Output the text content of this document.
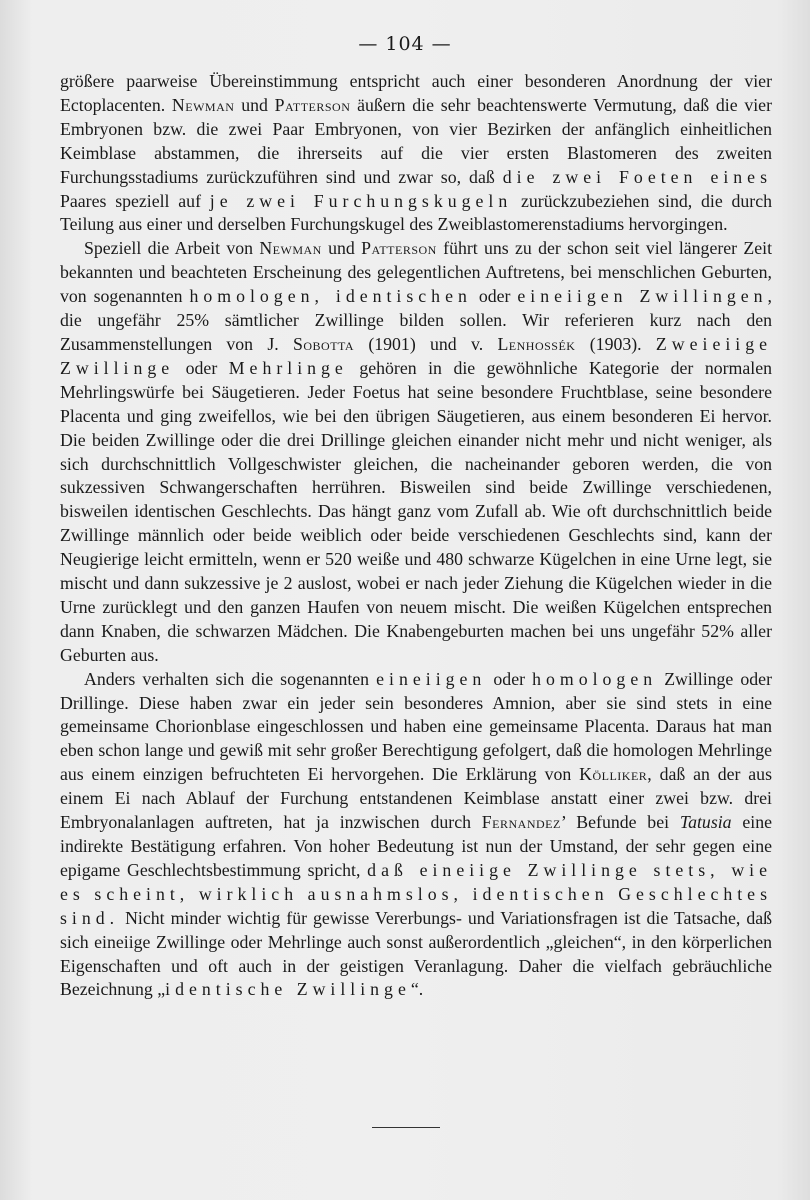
— 104 —

größere paarweise Übereinstimmung entspricht auch einer besonderen Anordnung der vier Ectoplacenten. Newman und Patterson äußern die sehr beachtenswerte Vermutung, daß die vier Embryonen bzw. die zwei Paar Embryonen, von vier Bezirken der anfänglich einheitlichen Keimblase abstammen, die ihrerseits auf die vier ersten Blastomeren des zweiten Furchungsstadiums zurückzuführen sind und zwar so, daß die zwei Foeten eines Paares speziell auf je zwei Furchungskugeln zurückzubeziehen sind, die durch Teilung aus einer und derselben Furchungskugel des Zweiblastomerenstadiums hervorgingen.

Speziell die Arbeit von Newman und Patterson führt uns zu der schon seit viel längerer Zeit bekannten und beachteten Erscheinung des gelegentlichen Auftretens, bei menschlichen Geburten, von sogenannten homologen, identischen oder eineiigen Zwillingen, die ungefähr 25% sämtlicher Zwillinge bilden sollen. Wir referieren kurz nach den Zusammenstellungen von J. Sobotta (1901) und v. Lenhossék (1903). Zweieiige Zwillinge oder Mehrlinge gehören in die gewöhnliche Kategorie der normalen Mehrlingswürfe bei Säugetieren. Jeder Foetus hat seine besondere Fruchtblase, seine besondere Placenta und ging zweifellos, wie bei den übrigen Säugetieren, aus einem besonderen Ei hervor. Die beiden Zwillinge oder die drei Drillinge gleichen einander nicht mehr und nicht weniger, als sich durchschnittlich Vollgeschwister gleichen, die nacheinander geboren werden, die von sukzessiven Schwangerschaften herrühren. Bisweilen sind beide Zwillinge verschiedenen, bisweilen identischen Geschlechts. Das hängt ganz vom Zufall ab. Wie oft durchschnittlich beide Zwillinge männlich oder beide weiblich oder beide verschiedenen Geschlechts sind, kann der Neugierige leicht ermitteln, wenn er 520 weiße und 480 schwarze Kügelchen in eine Urne legt, sie mischt und dann sukzessive je 2 auslost, wobei er nach jeder Ziehung die Kügelchen wieder in die Urne zurücklegt und den ganzen Haufen von neuem mischt. Die weißen Kügelchen entsprechen dann Knaben, die schwarzen Mädchen. Die Knabengeburten machen bei uns ungefähr 52% aller Geburten aus.

Anders verhalten sich die sogenannten eineiigen oder homologen Zwillinge oder Drillinge. Diese haben zwar ein jeder sein besonderes Amnion, aber sie sind stets in eine gemeinsame Chorionblase eingeschlossen und haben eine gemeinsame Placenta. Daraus hat man eben schon lange und gewiß mit sehr großer Berechtigung gefolgert, daß die homologen Mehrlinge aus einem einzigen befruchteten Ei hervorgehen. Die Erklärung von Kölliker, daß an der aus einem Ei nach Ablauf der Furchung entstandenen Keimblase anstatt einer zwei bzw. drei Embryonalanlagen auftreten, hat ja inzwischen durch Fernandez’ Befunde bei Tatusia eine indirekte Bestätigung erfahren. Von hoher Bedeutung ist nun der Umstand, der sehr gegen eine epigame Geschlechtsbestimmung spricht, daß eineiige Zwillinge stets, wie es scheint, wirklich ausnahmslos, identischen Geschlechtes sind. Nicht minder wichtig für gewisse Vererbungs- und Variationsfragen ist die Tatsache, daß sich eineiige Zwillinge oder Mehrlinge auch sonst außerordentlich „gleichen“, in den körperlichen Eigenschaften und oft auch in der geistigen Veranlagung. Daher die vielfach gebräuchliche Bezeichnung „identische Zwillinge“.
